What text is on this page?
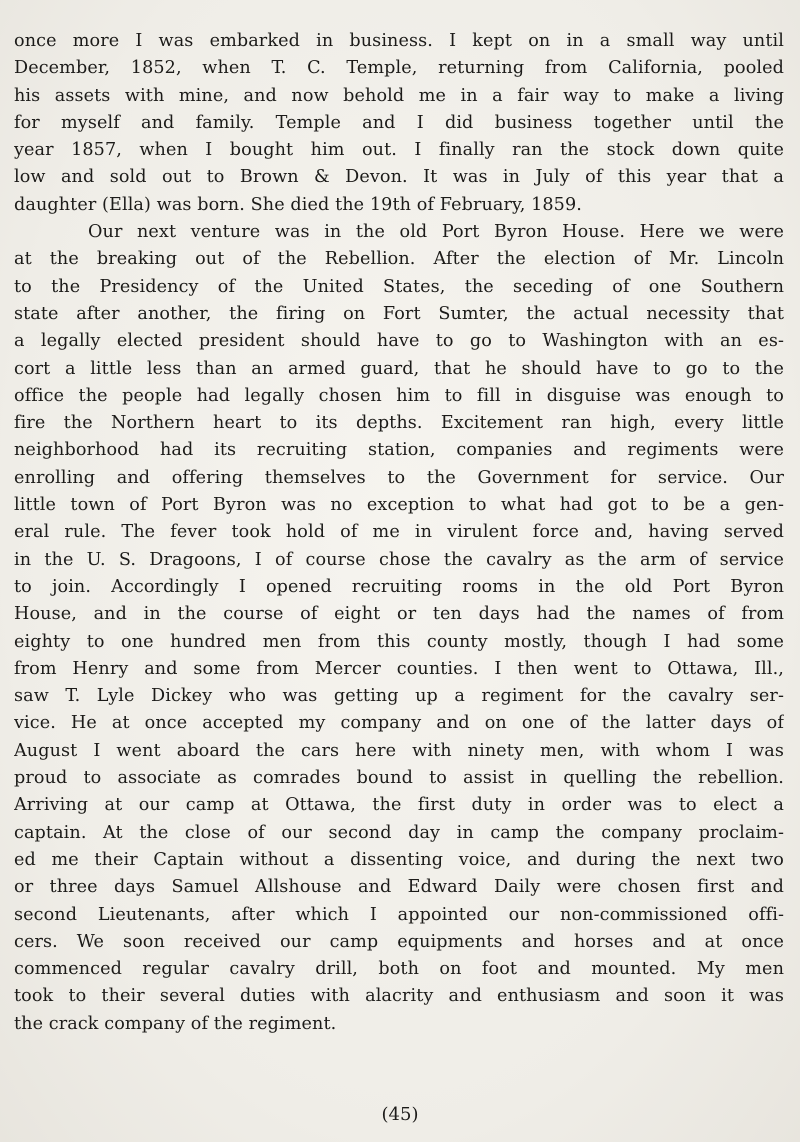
once more I was embarked in business. I kept on in a small way until
December, 1852, when T. C. Temple, returning from California, pooled
his assets with mine, and now behold me in a fair way to make a living
for myself and family. Temple and I did business together until the
year 1857, when I bought him out. I finally ran the stock down quite
low and sold out to Brown & Devon. It was in July of this year that a
daughter (Ella) was born. She died the 19th of February, 1859.
Our next venture was in the old Port Byron House. Here we were
at the breaking out of the Rebellion. After the election of Mr. Lincoln
to the Presidency of the United States, the seceding of one Southern
state after another, the firing on Fort Sumter, the actual necessity that
a legally elected president should have to go to Washington with an es-
cort a little less than an armed guard, that he should have to go to the
office the people had legally chosen him to fill in disguise was enough to
fire the Northern heart to its depths. Excitement ran high, every little
neighborhood had its recruiting station, companies and regiments were
enrolling and offering themselves to the Government for service. Our
little town of Port Byron was no exception to what had got to be a gen-
eral rule. The fever took hold of me in virulent force and, having served
in the U. S. Dragoons, I of course chose the cavalry as the arm of service
to join. Accordingly I opened recruiting rooms in the old Port Byron
House, and in the course of eight or ten days had the names of from
eighty to one hundred men from this county mostly, though I had some
from Henry and some from Mercer counties. I then went to Ottawa, Ill.,
saw T. Lyle Dickey who was getting up a regiment for the cavalry ser-
vice. He at once accepted my company and on one of the latter days of
August I went aboard the cars here with ninety men, with whom I was
proud to associate as comrades bound to assist in quelling the rebellion.
Arriving at our camp at Ottawa, the first duty in order was to elect a
captain. At the close of our second day in camp the company proclaim-
ed me their Captain without a dissenting voice, and during the next two
or three days Samuel Allshouse and Edward Daily were chosen first and
second Lieutenants, after which I appointed our non-commissioned offi-
cers. We soon received our camp equipments and horses and at once
commenced regular cavalry drill, both on foot and mounted. My men
took to their several duties with alacrity and enthusiasm and soon it was
the crack company of the regiment.
(45)
